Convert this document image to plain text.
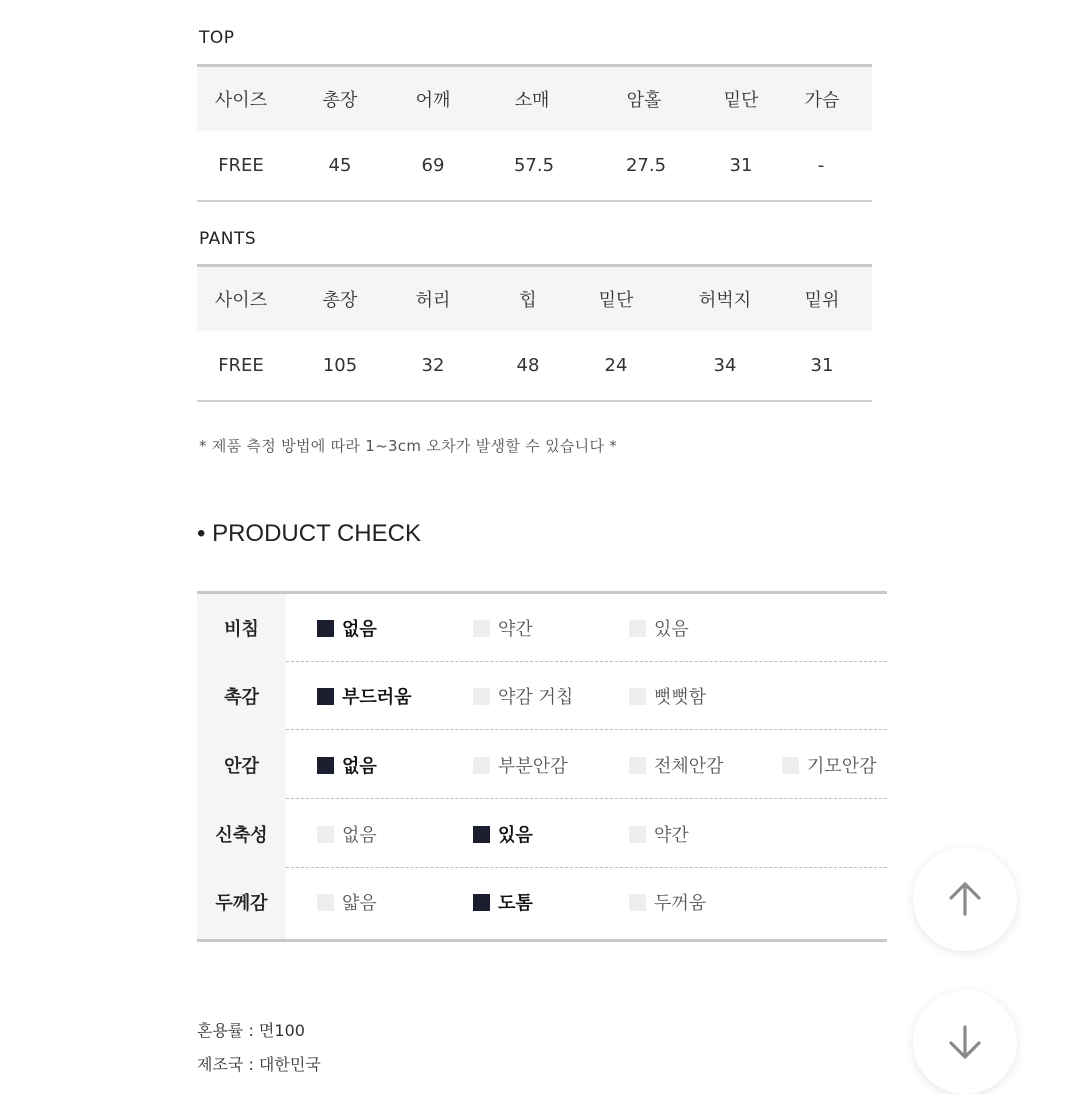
TOP
사이즈	총장	어깨	소매	암홀	밑단	가슴
FREE	45	69	57.5	27.5	31	-
PANTS
사이즈	총장	허리	힙	밑단	허벅지	밑위
FREE	105	32	48	24	34	31
* 제품 측정 방법에 따라 1~3cm 오차가 발생할 수 있습니다 *
• PRODUCT CHECK
비침	없음	약간	있음
촉감	부드러움	약감 거칩	뻣뻣함
안감	없음	부분안감	전체안감	기모안감
신축성	없음	있음	약간
두께감	얇음	도톰	두꺼움
혼용률 : 면100
제조국 : 대한민국
